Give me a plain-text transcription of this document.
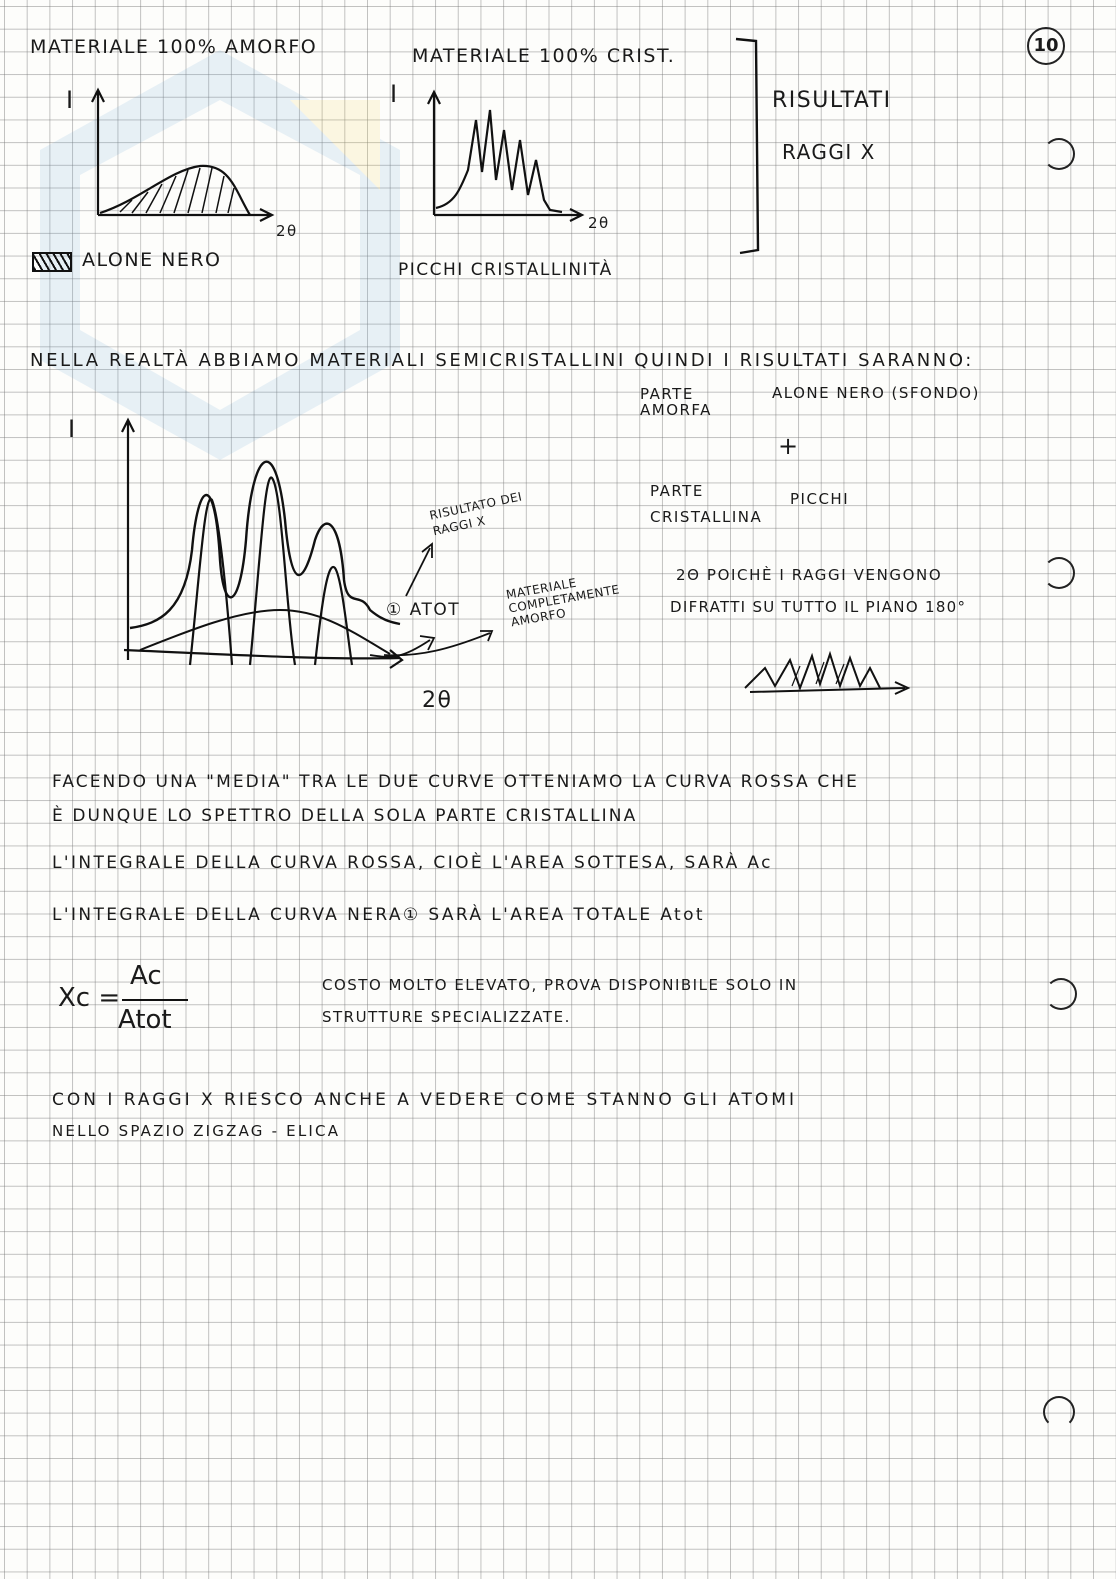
10
MATERIALE 100% AMORFO	MATERIALE 100% CRIST.
I
2θ
ALONE NERO
I
2θ
PICCHI CRISTALLINITÀ
RISULTATI
RAGGI X
NELLA REALTÀ ABBIAMO MATERIALI SEMICRISTALLINI QUINDI I RISULTATI SARANNO:
PARTE AMORFA
ALONE NERO (SFONDO)
+
PARTE CRISTALLINA
PICCHI
2Θ POICHÈ I RAGGI VENGONO
DIFRATTI SU TUTTO IL PIANO 180°
I
2θ
RISULTATO DEI RAGGI X
① ATOT
MATERIALE COMPLETAMENTE AMORFO
FACENDO UNA "MEDIA" TRA LE DUE CURVE OTTENIAMO LA CURVA ROSSA CHE
È DUNQUE LO SPETTRO DELLA SOLA PARTE CRISTALLINA
L'INTEGRALE DELLA CURVA ROSSA, CIOÈ L'AREA SOTTESA, SARÀ Ac
L'INTEGRALE DELLA CURVA NERA① SARÀ L'AREA TOTALE Atot
Xc =
Ac
Atot
COSTO MOLTO ELEVATO, PROVA DISPONIBILE SOLO IN
STRUTTURE SPECIALIZZATE.
CON I RAGGI X RIESCO ANCHE A VEDERE COME STANNO GLI ATOMI
NELLO SPAZIO ZIGZAG - ELICA
